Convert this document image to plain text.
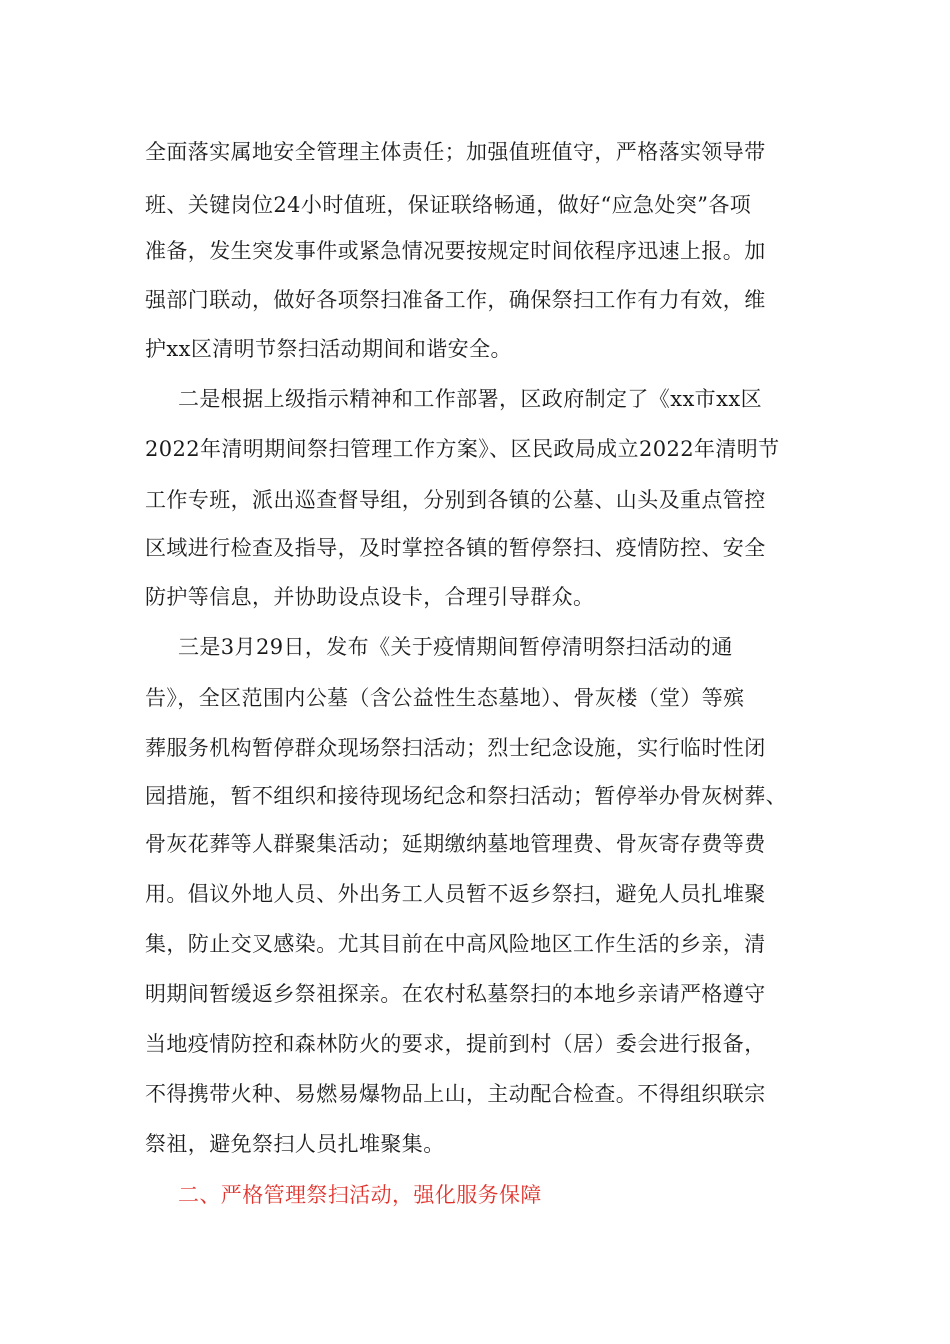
全面落实属地安全管理主体责任；加强值班值守，严格落实领导带

班、关键岗位24小时值班，保证联络畅通，做好“应急处突”各项

准备，发生突发事件或紧急情况要按规定时间依程序迅速上报。加

强部门联动，做好各项祭扫准备工作，确保祭扫工作有力有效，维

护xx区清明节祭扫活动期间和谐安全。

二是根据上级指示精神和工作部署，区政府制定了《xx市xx区

2022年清明期间祭扫管理工作方案》、区民政局成立2022年清明节

工作专班，派出巡查督导组，分别到各镇的公墓、山头及重点管控

区域进行检查及指导，及时掌控各镇的暂停祭扫、疫情防控、安全

防护等信息，并协助设点设卡，合理引导群众。

三是3月29日，发布《关于疫情期间暂停清明祭扫活动的通

告》，全区范围内公墓（含公益性生态墓地）、骨灰楼（堂）等殡

葬服务机构暂停群众现场祭扫活动；烈士纪念设施，实行临时性闭

园措施，暂不组织和接待现场纪念和祭扫活动；暂停举办骨灰树葬、

骨灰花葬等人群聚集活动；延期缴纳墓地管理费、骨灰寄存费等费

用。倡议外地人员、外出务工人员暂不返乡祭扫，避免人员扎堆聚

集，防止交叉感染。尤其目前在中高风险地区工作生活的乡亲，清

明期间暂缓返乡祭祖探亲。在农村私墓祭扫的本地乡亲请严格遵守

当地疫情防控和森林防火的要求，提前到村（居）委会进行报备，

不得携带火种、易燃易爆物品上山，主动配合检查。不得组织联宗

祭祖，避免祭扫人员扎堆聚集。

二、严格管理祭扫活动，强化服务保障
